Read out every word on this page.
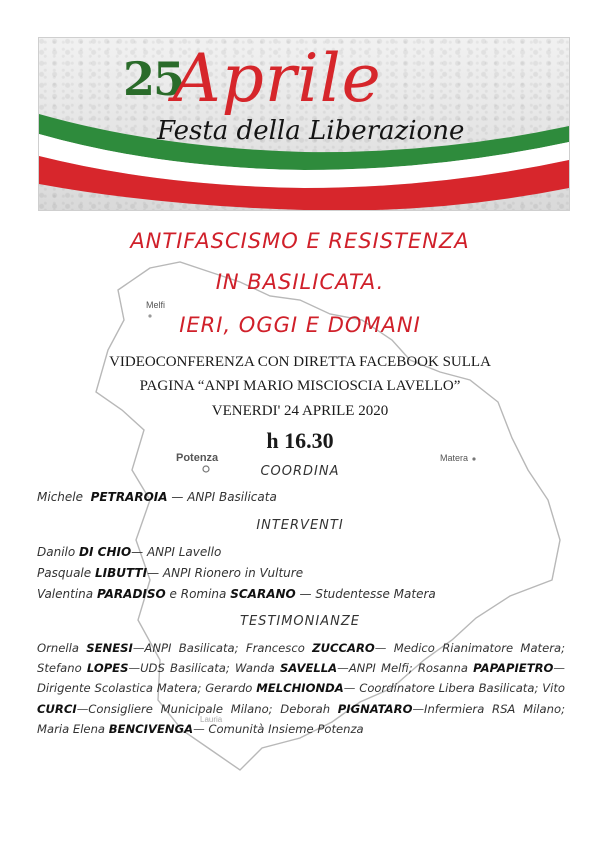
Melfi
Potenza	Matera
Lauria
25
Aprile
Festa della Liberazione
ANTIFASCISMO E RESISTENZA
IN BASILICATA.
IERI, OGGI E DOMANI
VIDEOCONFERENZA CON DIRETTA FACEBOOK SULLA
PAGINA “ANPI MARIO MISCIOSCIA LAVELLO”
VENERDI' 24 APRILE 2020
h 16.30
COORDINA
Michele PETRAROIA — ANPI Basilicata
INTERVENTI
Danilo DI CHIO— ANPI Lavello
Pasquale LIBUTTI— ANPI Rionero in Vulture
Valentina PARADISO e Romina SCARANO — Studentesse Matera
TESTIMONIANZE
Ornella SENESI—ANPI Basilicata; Francesco ZUCCARO— Medico Rianimatore Matera; Stefano LOPES—UDS Basilicata; Wanda SAVELLA—ANPI Melfi; Rosanna PAPAPIETRO— Dirigente Scolastica Matera; Gerardo MELCHIONDA— Coordinatore Libera Basilicata; Vito CURCI—Consigliere Municipale Milano; Deborah PIGNATARO—Infermiera RSA Milano; Maria Elena BENCIVENGA— Comunità Insieme Potenza
